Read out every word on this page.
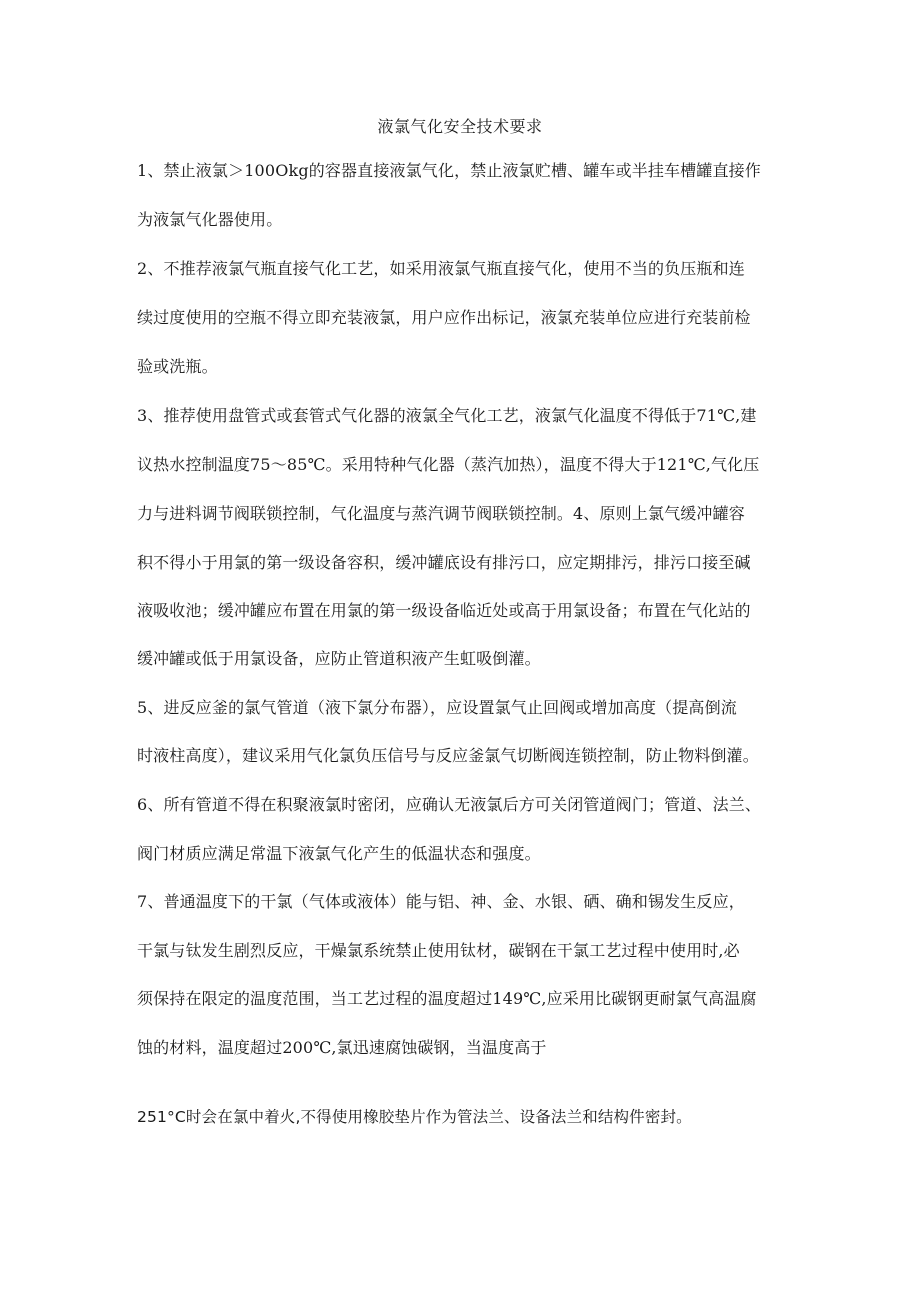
液氯气化安全技术要求
1、禁止液氯＞100Okg的容器直接液氯气化，禁止液氯贮槽、罐车或半挂车槽罐直接作
为液氯气化器使用。
2、不推荐液氯气瓶直接气化工艺，如采用液氯气瓶直接气化，使用不当的负压瓶和连
续过度使用的空瓶不得立即充装液氯，用户应作出标记，液氯充装单位应进行充装前检
验或洗瓶。
3、推荐使用盘管式或套管式气化器的液氯全气化工艺，液氯气化温度不得低于71℃,建
议热水控制温度75～85℃。采用特种气化器（蒸汽加热），温度不得大于121℃,气化压
力与进料调节阀联锁控制，气化温度与蒸汽调节阀联锁控制。4、原则上氯气缓冲罐容
积不得小于用氯的第一级设备容积，缓冲罐底设有排污口，应定期排污，排污口接至碱
液吸收池；缓冲罐应布置在用氯的第一级设备临近处或高于用氯设备；布置在气化站的
缓冲罐或低于用氯设备，应防止管道积液产生虹吸倒灌。
5、进反应釜的氯气管道（液下氯分布器），应设置氯气止回阀或增加高度（提高倒流
时液柱高度），建议采用气化氯负压信号与反应釜氯气切断阀连锁控制，防止物料倒灌。
6、所有管道不得在积聚液氯时密闭，应确认无液氯后方可关闭管道阀门；管道、法兰、
阀门材质应满足常温下液氯气化产生的低温状态和强度。
7、普通温度下的干氯（气体或液体）能与铝、神、金、水银、硒、确和锡发生反应，
干氯与钛发生剧烈反应，干燥氯系统禁止使用钛材，碳钢在干氯工艺过程中使用时,必
须保持在限定的温度范围，当工艺过程的温度超过149℃,应采用比碳钢更耐氯气高温腐
蚀的材料，温度超过200℃,氯迅速腐蚀碳钢，当温度高于
251°C时会在氯中着火,不得使用橡胶垫片作为管法兰、设备法兰和结构件密封。
